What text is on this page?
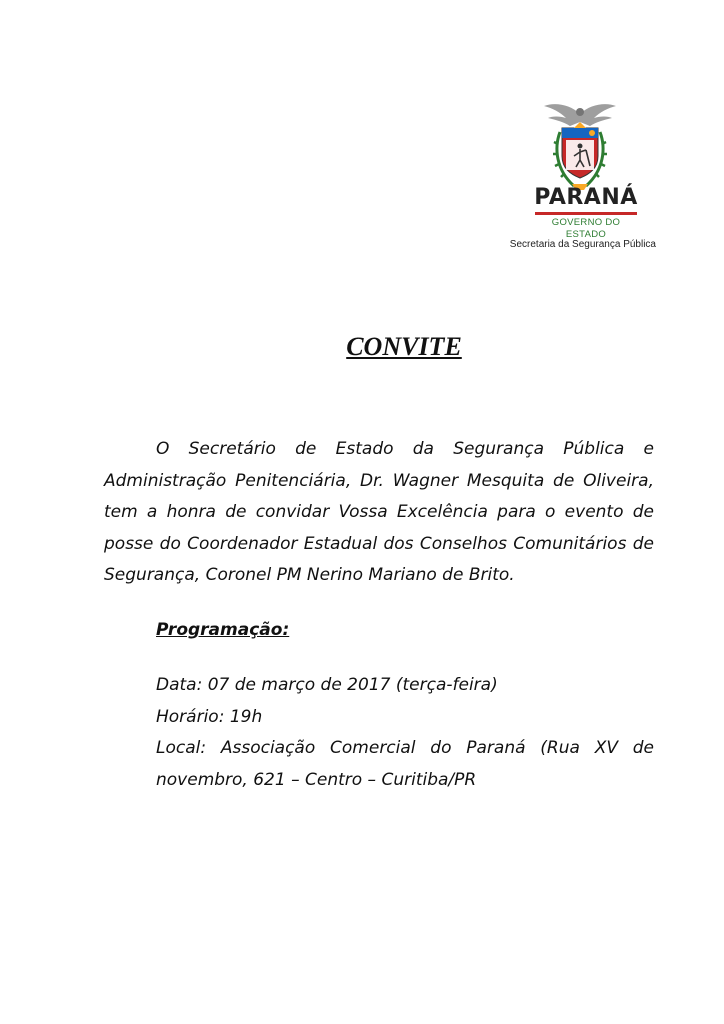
PARANÁ
GOVERNO DO ESTADO
Secretaria da Segurança Pública
CONVITE
O Secretário de Estado da Segurança Pública e Administração Penitenciária, Dr. Wagner Mesquita de Oliveira, tem a honra de convidar Vossa Excelência para o evento de posse do Coordenador Estadual dos Conselhos Comunitários de Segurança, Coronel PM Nerino Mariano de Brito.
Programação:
Data: 07 de março de 2017 (terça-feira)
Horário: 19h
Local: Associação Comercial do Paraná (Rua XV de novembro, 621 – Centro – Curitiba/PR
